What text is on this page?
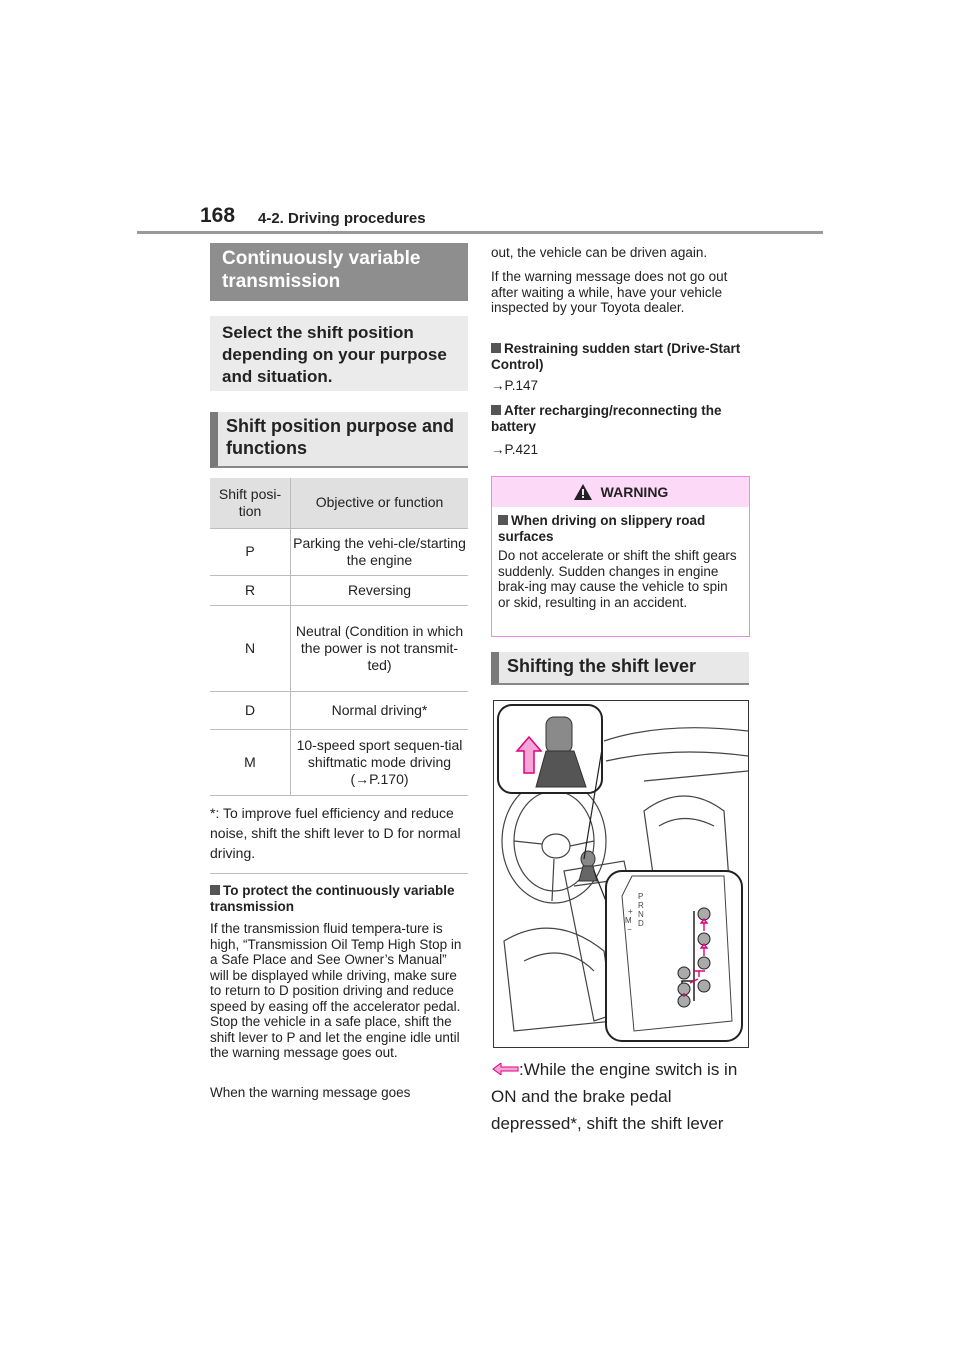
168 4-2. Driving procedures
Continuously variable transmission
Select the shift position depending on your purpose and situation.
Shift position purpose and functions
Shift posi-tion	Objective or function
P	Parking the vehi-cle/starting the engine
R	Reversing
N	Neutral (Condition in which the power is not transmit-ted)
D	Normal driving*
M	10-speed sport sequen-tial shiftmatic mode driving (→P.170)
*: To improve fuel efficiency and reduce noise, shift the shift lever to D for normal driving.
To protect the continuously variable transmission
If the transmission fluid tempera-ture is high, “Transmission Oil Temp High Stop in a Safe Place and See Owner’s Manual” will be displayed while driving, make sure to return to D position driving and reduce speed by easing off the accelerator pedal. Stop the vehicle in a safe place, shift the shift lever to P and let the engine idle until the warning message goes out.
When the warning message goes
out, the vehicle can be driven again.
If the warning message does not go out after waiting a while, have your vehicle inspected by your Toyota dealer.
Restraining sudden start (Drive-Start Control)
→P.147
After recharging/reconnecting the battery
→P.421
WARNING
When driving on slippery road surfaces
Do not accelerate or shift the shift gears suddenly. Sudden changes in engine brak-ing may cause the vehicle to spin or skid, resulting in an accident.
Shifting the shift lever
P
R
N
D
M
+
−
:While the engine switch is in ON and the brake pedal
depressed*, shift the shift lever
